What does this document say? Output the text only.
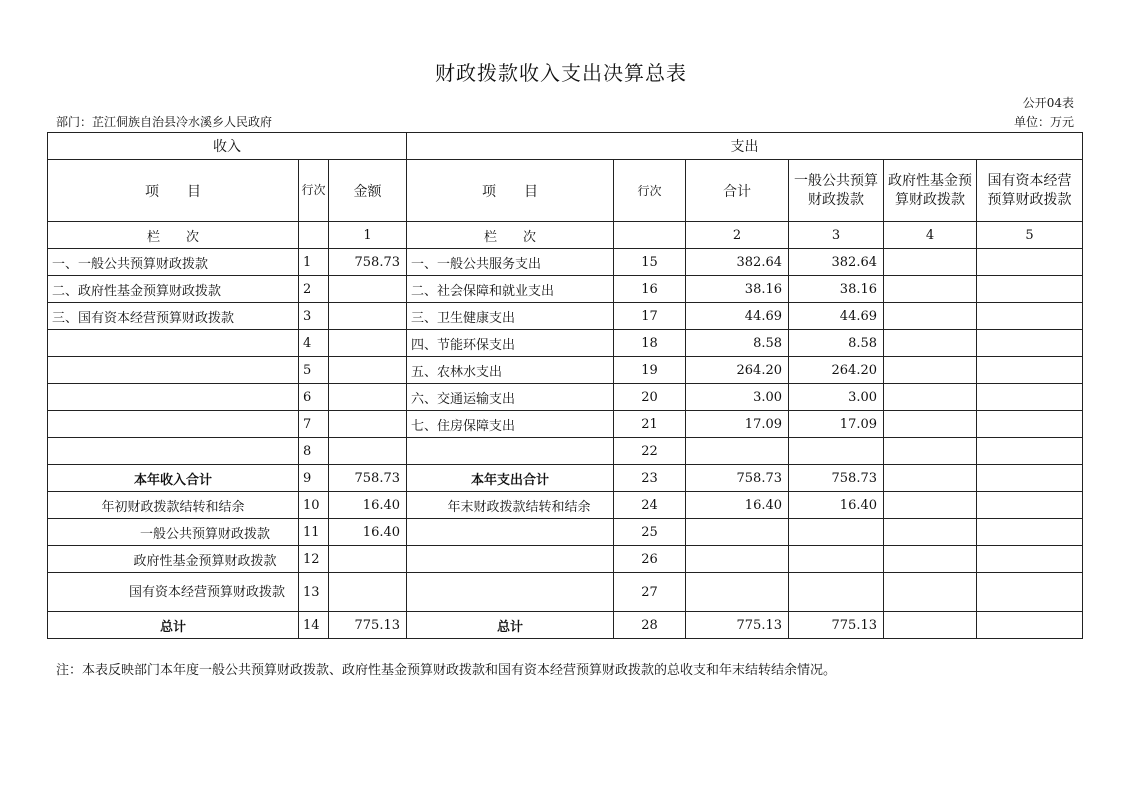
财政拨款收入支出决算总表
公开04表
部门：芷江侗族自治县冷水溪乡人民政府	单位：万元
收入			支出					
项　　目	行次	金额	项　　目	行次	合计	一般公共预算财政拨款	政府性基金预算财政拨款	国有资本经营预算财政拨款
栏　　次		1	栏　　次		2	3	4	5
一、一般公共预算财政拨款	1	758.73	一、一般公共服务支出	15	382.64	382.64		
二、政府性基金预算财政拨款	2		二、社会保障和就业支出	16	38.16	38.16		
三、国有资本经营预算财政拨款	3		三、卫生健康支出	17	44.69	44.69		
	4		四、节能环保支出	18	8.58	8.58		
	5		五、农林水支出	19	264.20	264.20		
	6		六、交通运输支出	20	3.00	3.00		
	7		七、住房保障支出	21	17.09	17.09		
	8			22				
本年收入合计	9	758.73	本年支出合计	23	758.73	758.73		
年初财政拨款结转和结余	10	16.40	年末财政拨款结转和结余	24	16.40	16.40		
一般公共预算财政拨款	11	16.40		25				
政府性基金预算财政拨款	12			26				
国有资本经营预算财政拨款	13			27				
总计	14	775.13	总计	28	775.13	775.13		
注：本表反映部门本年度一般公共预算财政拨款、政府性基金预算财政拨款和国有资本经营预算财政拨款的总收支和年末结转结余情况。
